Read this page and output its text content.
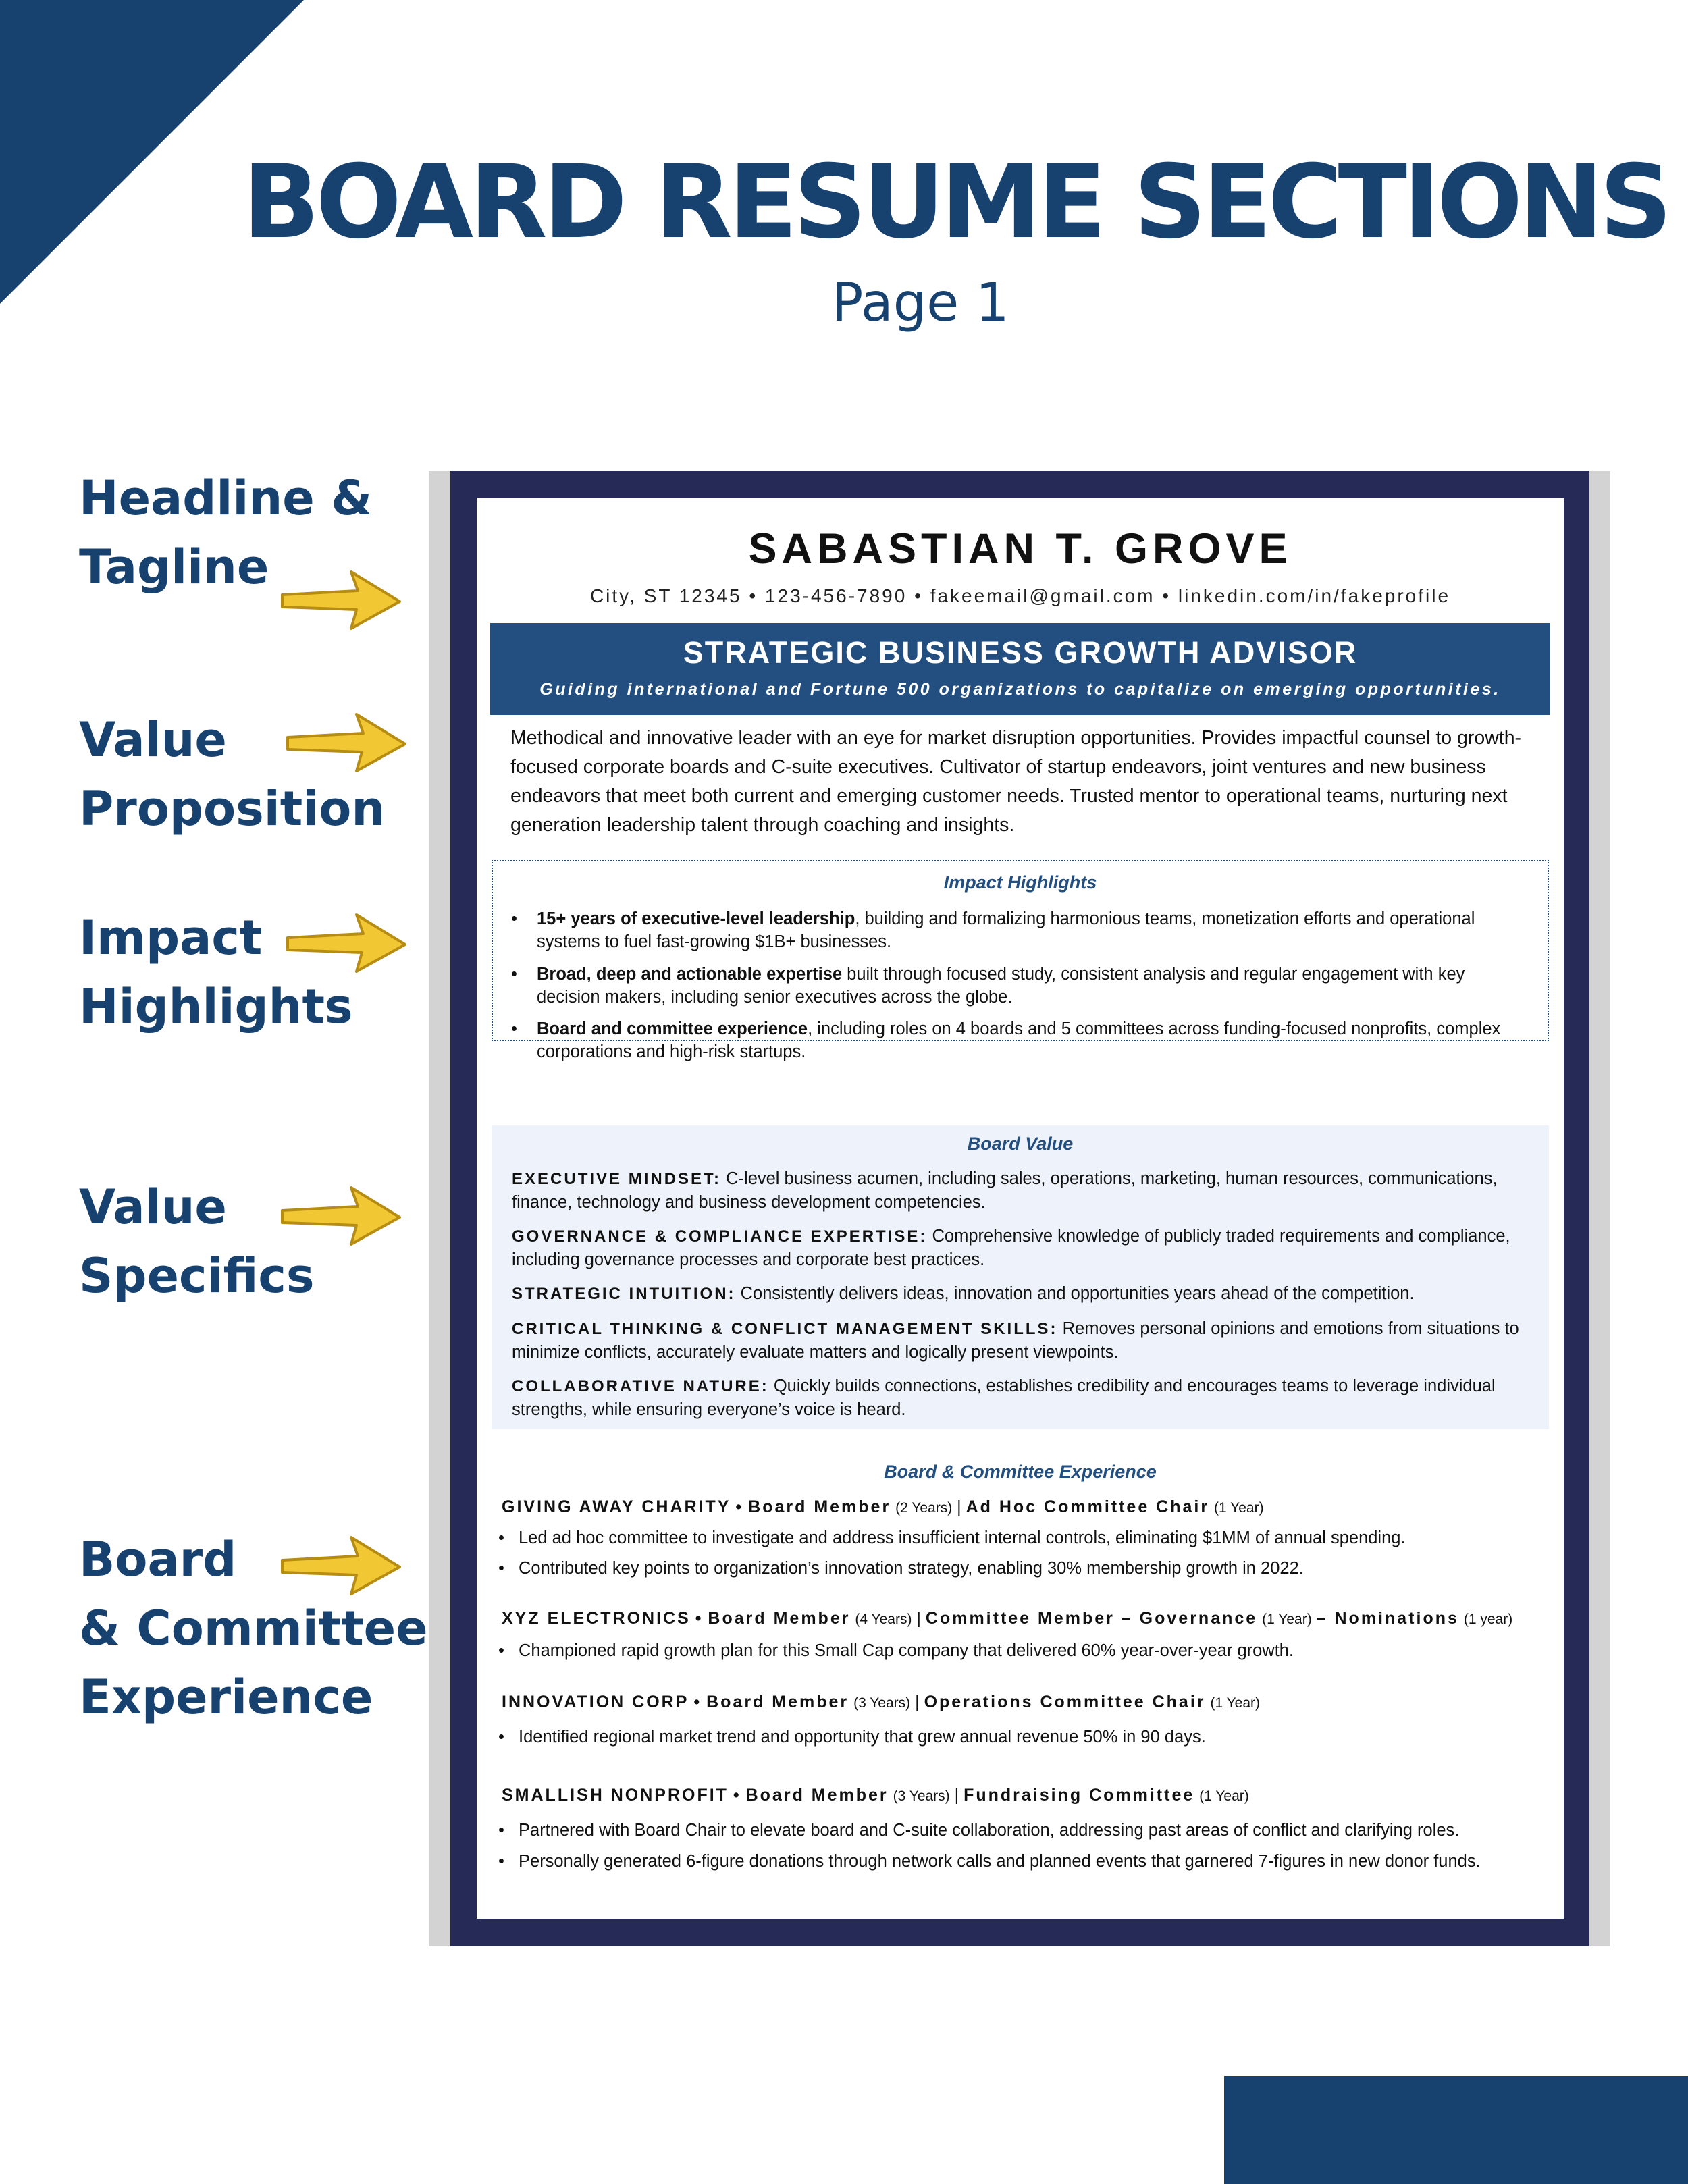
BOARD RESUME SECTIONS
Page 1
Headline &
Tagline
Value
Proposition
Impact
Highlights
Value
Specifics
Board
& Committee
Experience
SABASTIAN T. GROVE
City, ST 12345 • 123-456-7890 • fakeemail@gmail.com • linkedin.com/in/fakeprofile
STRATEGIC BUSINESS GROWTH ADVISOR
Guiding international and Fortune 500 organizations to capitalize on emerging opportunities.
Methodical and innovative leader with an eye for market disruption opportunities. Provides impactful counsel to growth-focused corporate boards and C-suite executives. Cultivator of startup endeavors, joint ventures and new business endeavors that meet both current and emerging customer needs. Trusted mentor to operational teams, nurturing next generation leadership talent through coaching and insights.
Impact Highlights
• 15+ years of executive-level leadership, building and formalizing harmonious teams, monetization efforts and operational systems to fuel fast-growing $1B+ businesses.
• Broad, deep and actionable expertise built through focused study, consistent analysis and regular engagement with key decision makers, including senior executives across the globe.
• Board and committee experience, including roles on 4 boards and 5 committees across funding-focused nonprofits, complex corporations and high-risk startups.
Board Value
EXECUTIVE MINDSET: C-level business acumen, including sales, operations, marketing, human resources, communications, finance, technology and business development competencies.
GOVERNANCE & COMPLIANCE EXPERTISE: Comprehensive knowledge of publicly traded requirements and compliance, including governance processes and corporate best practices.
STRATEGIC INTUITION: Consistently delivers ideas, innovation and opportunities years ahead of the competition.
CRITICAL THINKING & CONFLICT MANAGEMENT SKILLS: Removes personal opinions and emotions from situations to minimize conflicts, accurately evaluate matters and logically present viewpoints.
COLLABORATIVE NATURE: Quickly builds connections, establishes credibility and encourages teams to leverage individual strengths, while ensuring everyone’s voice is heard.
Board & Committee Experience
GIVING AWAY CHARITY • Board Member (2 Years) | Ad Hoc Committee Chair (1 Year)
• Led ad hoc committee to investigate and address insufficient internal controls, eliminating $1MM of annual spending.
• Contributed key points to organization’s innovation strategy, enabling 30% membership growth in 2022.
XYZ ELECTRONICS • Board Member (4 Years) | Committee Member – Governance (1 Year) – Nominations (1 year)
• Championed rapid growth plan for this Small Cap company that delivered 60% year-over-year growth.
INNOVATION CORP • Board Member (3 Years) | Operations Committee Chair (1 Year)
• Identified regional market trend and opportunity that grew annual revenue 50% in 90 days.
SMALLISH NONPROFIT • Board Member (3 Years) | Fundraising Committee (1 Year)
• Partnered with Board Chair to elevate board and C-suite collaboration, addressing past areas of conflict and clarifying roles.
• Personally generated 6-figure donations through network calls and planned events that garnered 7-figures in new donor funds.
